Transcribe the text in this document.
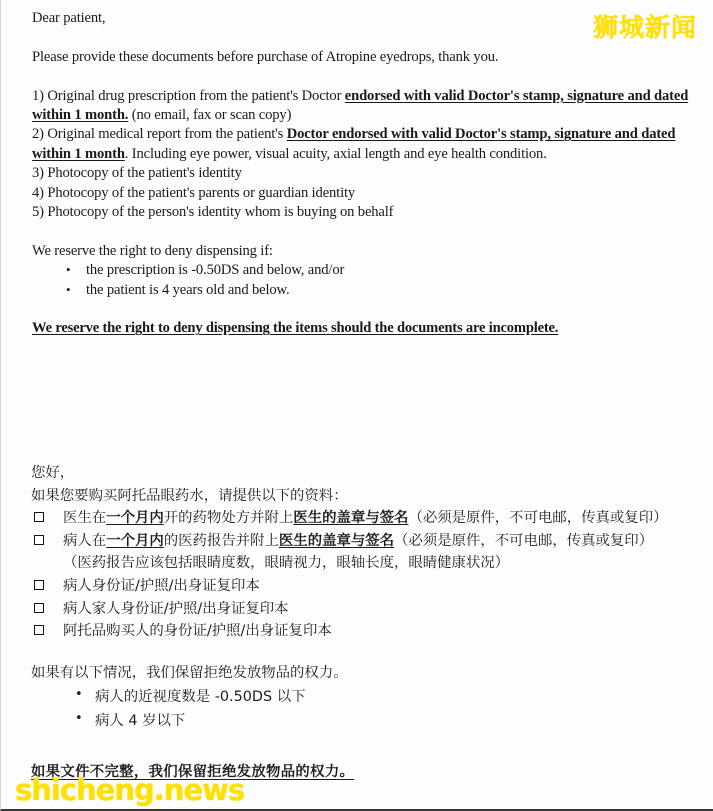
Dear patient,

Please provide these documents before purchase of Atropine eyedrops, thank you.

1) Original drug prescription from the patient's Doctor endorsed with valid Doctor's stamp, signature and dated within 1 month. (no email, fax or scan copy)

2) Original medical report from the patient's Doctor endorsed with valid Doctor's stamp, signature and dated within 1 month. Including eye power, visual acuity, axial length and eye health condition.

3) Photocopy of the patient's identity

4) Photocopy of the patient's parents or guardian identity

5) Photocopy of the person's identity whom is buying on behalf

We reserve the right to deny dispensing if:

• the prescription is -0.50DS and below, and/or
• the patient is 4 years old and below.

We reserve the right to deny dispensing the items should the documents are incomplete.

您好，

如果您要购买阿托品眼药水，请提供以下的资料：

医生在一个月内开的药物处方并附上医生的盖章与签名（必须是原件，不可电邮，传真或复印）
病人在一个月内的医药报告并附上医生的盖章与签名（必须是原件，不可电邮，传真或复印）

（医药报告应该包括眼睛度数，眼睛视力，眼轴长度，眼睛健康状况）

病人身份证/护照/出身证复印本
病人家人身份证/护照/出身证复印本
阿托品购买人的身份证/护照/出身证复印本

如果有以下情况，我们保留拒绝发放物品的权力。

• 病人的近视度数是 -0.50DS 以下
• 病人 4 岁以下

如果文件不完整，我们保留拒绝发放物品的权力。

狮城新闻
shicheng.news
